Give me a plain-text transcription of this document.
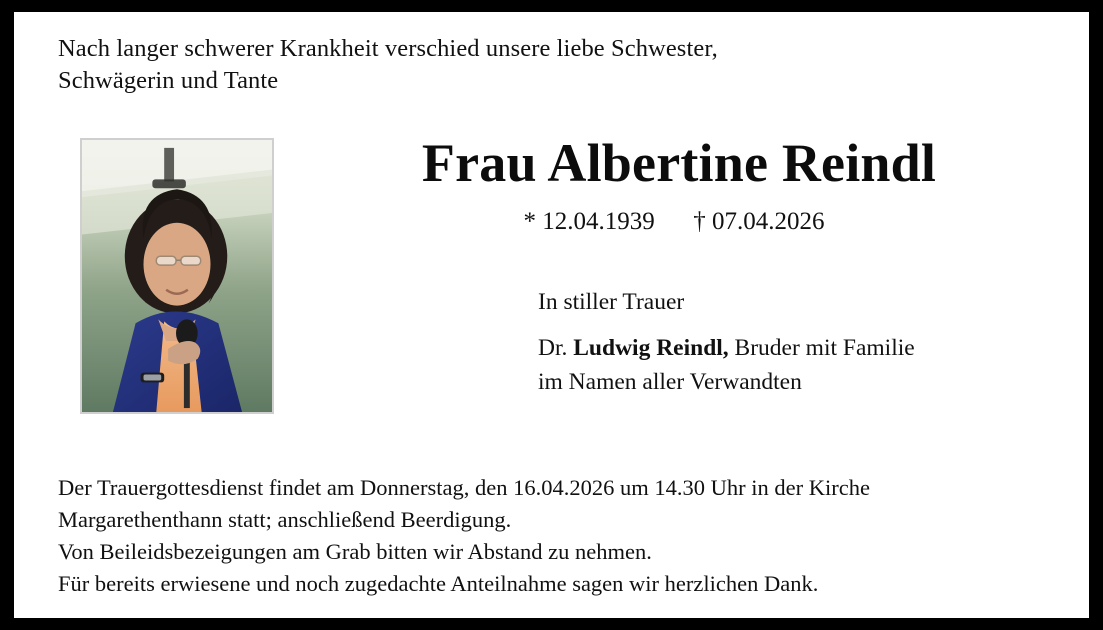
Nach langer schwerer Krankheit verschied unsere liebe Schwester,
Schwägerin und Tante
Frau Albertine Reindl
* 12.04.1939 † 07.04.2026
In stiller Trauer
Dr. Ludwig Reindl, Bruder mit Familie
im Namen aller Verwandten
Der Trauergottesdienst findet am Donnerstag, den 16.04.2026 um 14.30 Uhr in der Kirche
Margarethenthann statt; anschließend Beerdigung.
Von Beileidsbezeigungen am Grab bitten wir Abstand zu nehmen.
Für bereits erwiesene und noch zugedachte Anteilnahme sagen wir herzlichen Dank.
